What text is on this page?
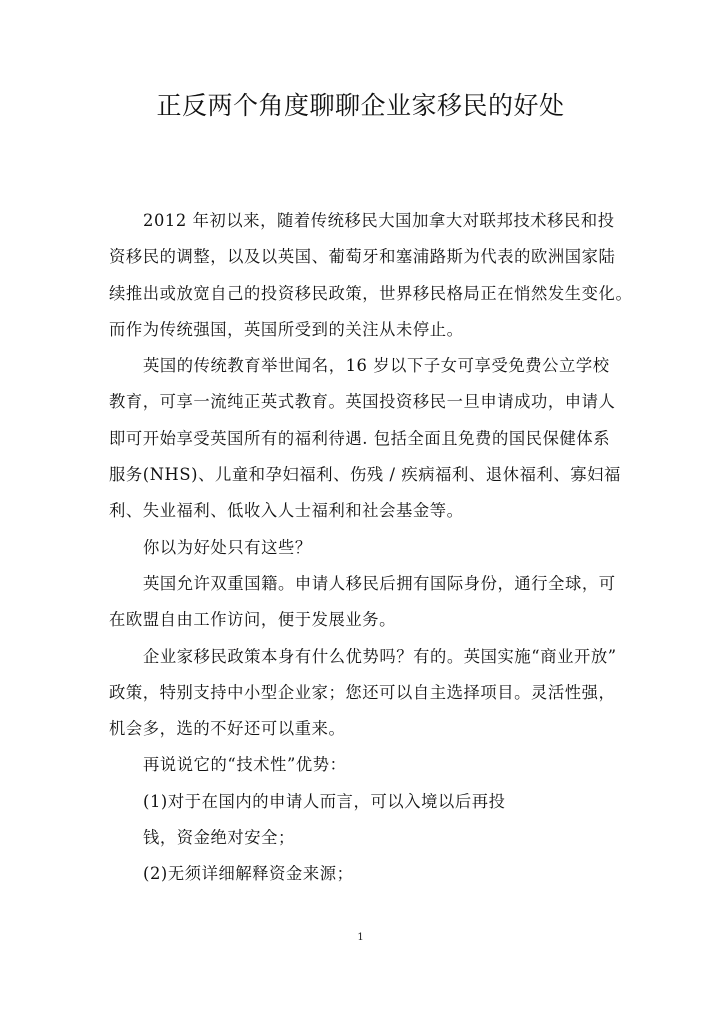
正反两个角度聊聊企业家移民的好处
2012 年初以来，随着传统移民大国加拿大对联邦技术移民和投
资移民的调整，以及以英国、葡萄牙和塞浦路斯为代表的欧洲国家陆
续推出或放宽自己的投资移民政策，世界移民格局正在悄然发生变化。
而作为传统强国，英国所受到的关注从未停止。
英国的传统教育举世闻名，16 岁以下子女可享受免费公立学校
教育，可享一流纯正英式教育。英国投资移民一旦申请成功，申请人
即可开始享受英国所有的福利待遇. 包括全面且免费的国民保健体系
服务(NHS)、儿童和孕妇福利、伤残 / 疾病福利、退休福利、寡妇福
利、失业福利、低收入人士福利和社会基金等。
你以为好处只有这些？
英国允许双重国籍。申请人移民后拥有国际身份，通行全球，可
在欧盟自由工作访问，便于发展业务。
企业家移民政策本身有什么优势吗？有的。英国实施“商业开放”
政策，特别支持中小型企业家；您还可以自主选择项目。灵活性强，
机会多，选的不好还可以重来。
再说说它的“技术性”优势：
(1)对于在国内的申请人而言，可以入境以后再投
钱，资金绝对安全；
(2)无须详细解释资金来源；
1
